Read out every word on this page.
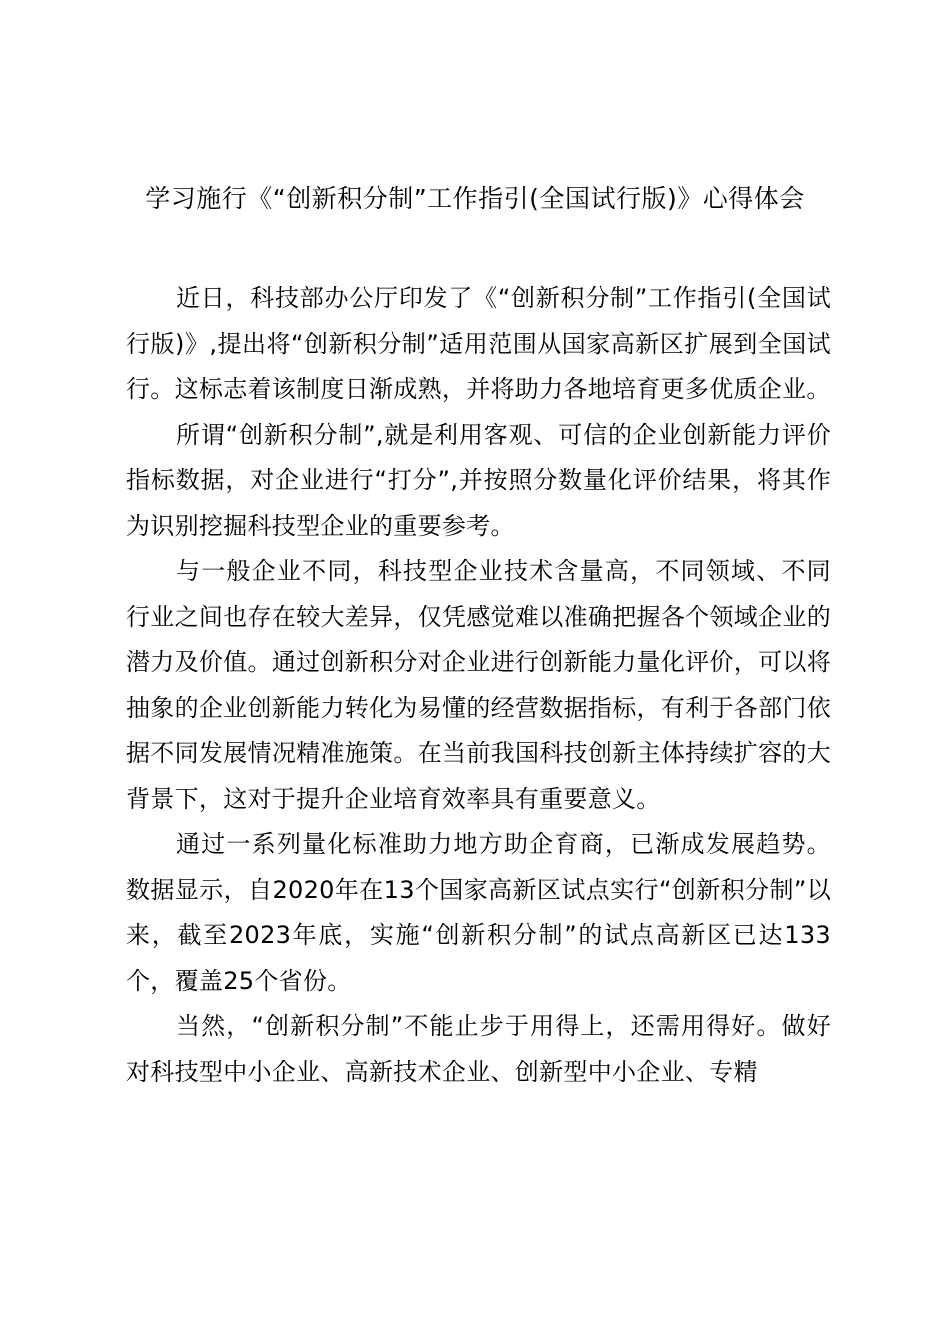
学习施行《“创新积分制”工作指引(全国试行版)》心得体会

近日，科技部办公厅印发了《“创新积分制”工作指引(全国试行版)》,提出将“创新积分制”适用范围从国家高新区扩展到全国试行。这标志着该制度日渐成熟，并将助力各地培育更多优质企业。

所谓“创新积分制”,就是利用客观、可信的企业创新能力评价指标数据，对企业进行“打分”,并按照分数量化评价结果，将其作为识别挖掘科技型企业的重要参考。

与一般企业不同，科技型企业技术含量高，不同领域、不同行业之间也存在较大差异，仅凭感觉难以准确把握各个领域企业的潜力及价值。通过创新积分对企业进行创新能力量化评价，可以将抽象的企业创新能力转化为易懂的经营数据指标，有利于各部门依据不同发展情况精准施策。在当前我国科技创新主体持续扩容的大背景下，这对于提升企业培育效率具有重要意义。

通过一系列量化标准助力地方助企育商，已渐成发展趋势。数据显示，自2020年在13个国家高新区试点实行“创新积分制”以来，截至2023年底，实施“创新积分制”的试点高新区已达133个，覆盖25个省份。

当然，“创新积分制”不能止步于用得上，还需用得好。做好对科技型中小企业、高新技术企业、创新型中小企业、专精
